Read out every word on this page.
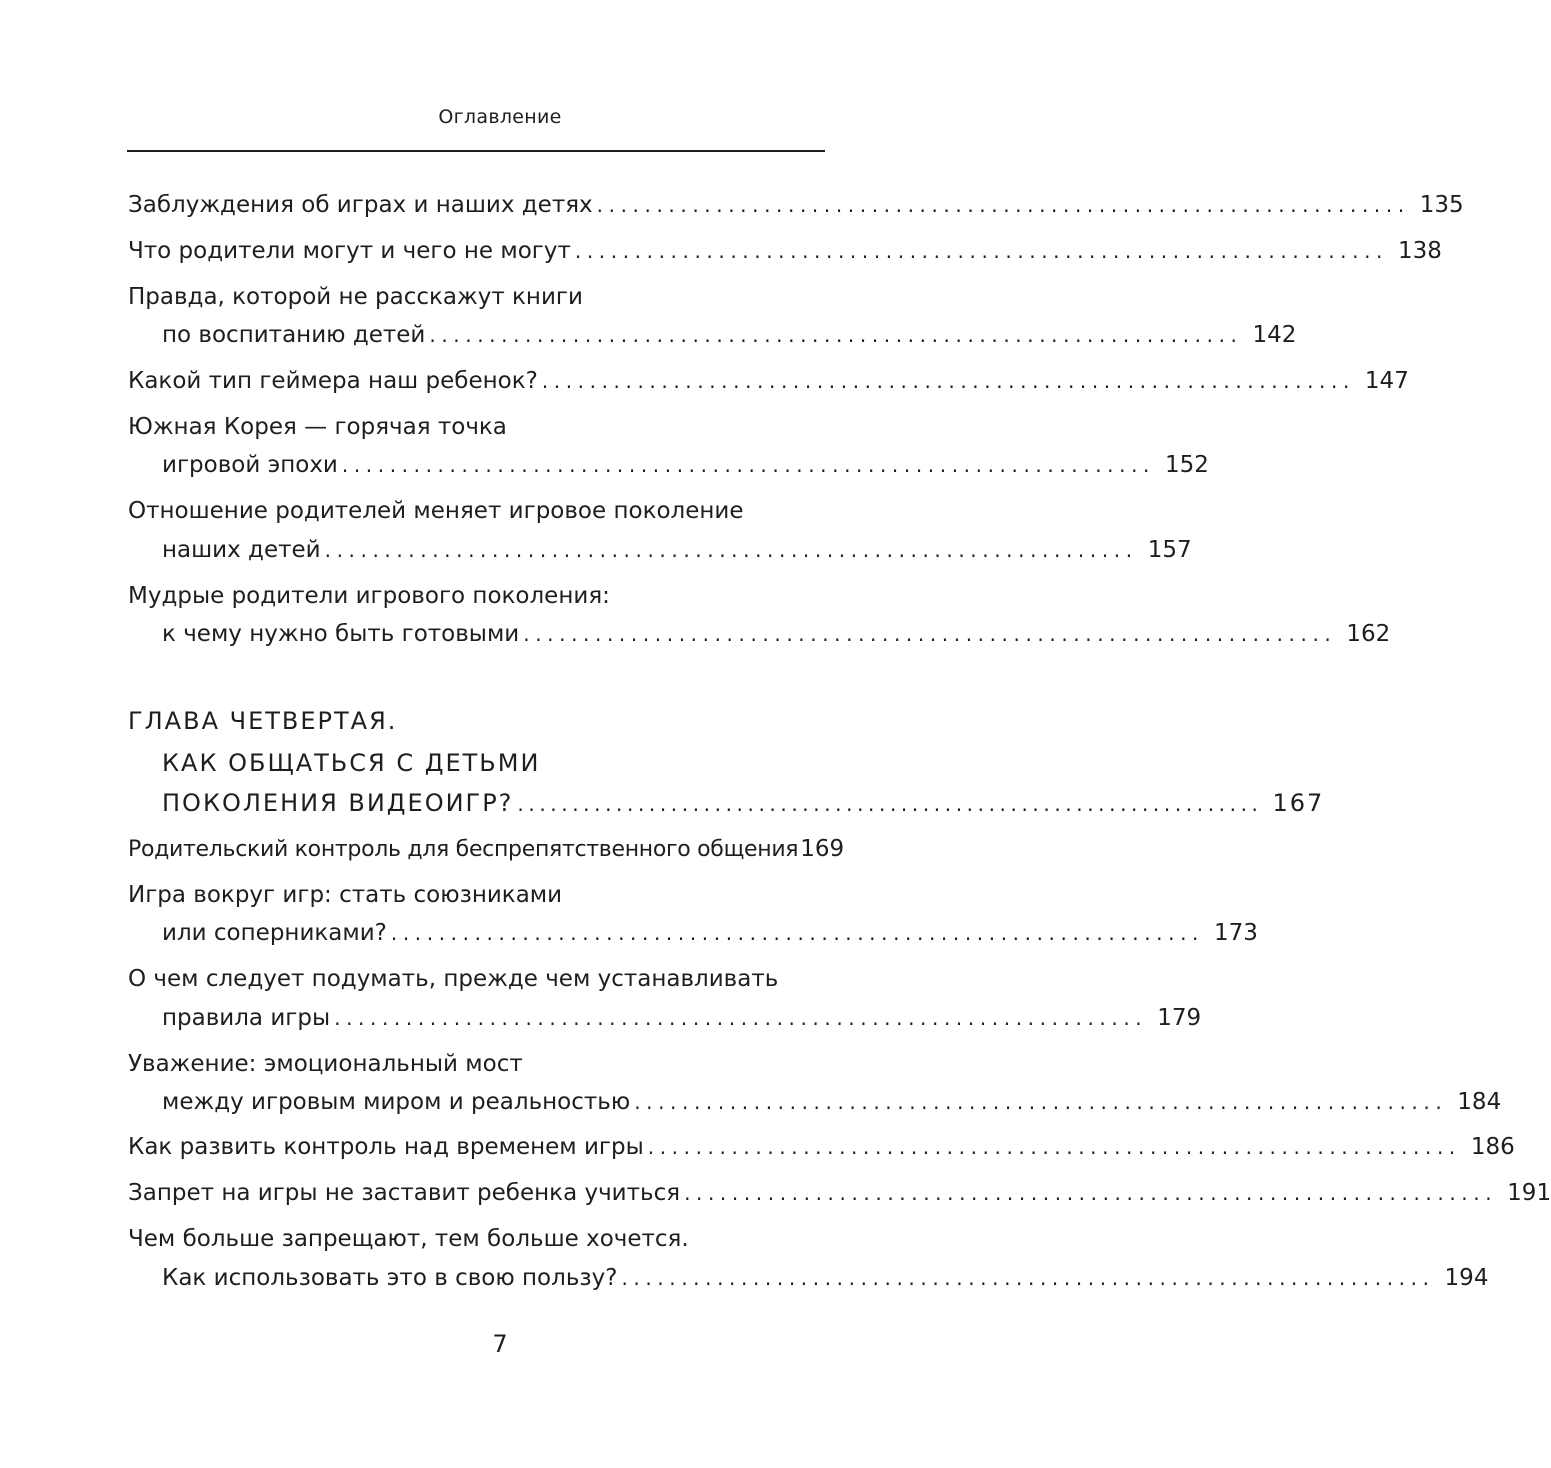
Оглавление
Заблуждения об играх и наших детях .................................................................... 135
Что родители могут и чего не могут .................................................................... 138
Правда, которой не расскажут книги
по воспитанию детей .................................................................... 142
Какой тип геймера наш ребенок? .................................................................... 147
Южная Корея — горячая точка
игровой эпохи .................................................................... 152
Отношение родителей меняет игровое поколение
наших детей .................................................................... 157
Мудрые родители игрового поколения:
к чему нужно быть готовыми .................................................................... 162
ГЛАВА ЧЕТВЕРТАЯ.
КАК ОБЩАТЬСЯ С ДЕТЬМИ
ПОКОЛЕНИЯ ВИДЕОИГР? .................................................................... 167
Родительский контроль для беспрепятственного общения 169
Игра вокруг игр: стать союзниками
или соперниками? .................................................................... 173
О чем следует подумать, прежде чем устанавливать
правила игры .................................................................... 179
Уважение: эмоциональный мост
между игровым миром и реальностью .................................................................... 184
Как развить контроль над временем игры .................................................................... 186
Запрет на игры не заставит ребенка учиться .................................................................... 191
Чем больше запрещают, тем больше хочется.
Как использовать это в свою пользу? .................................................................... 194
7
